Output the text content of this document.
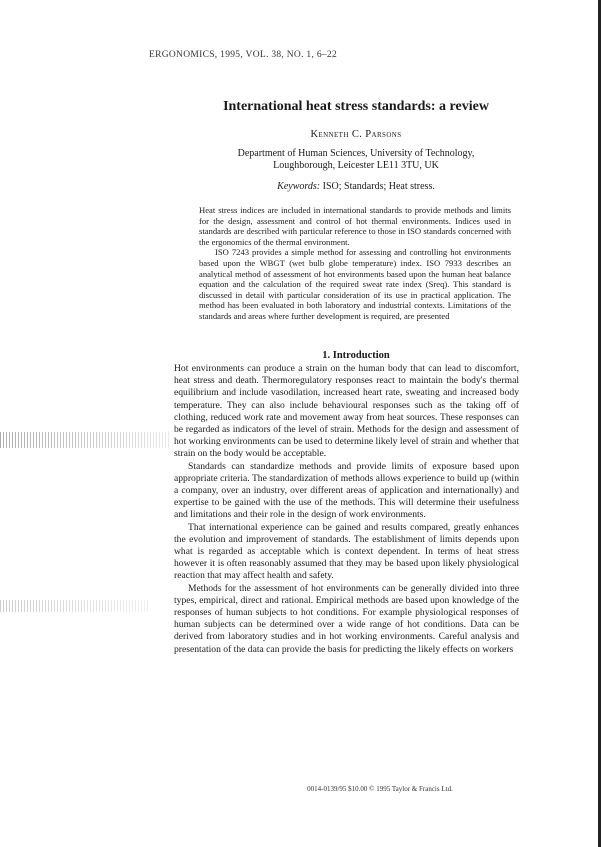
ERGONOMICS, 1995, VOL. 38, NO. 1, 6–22
International heat stress standards: a review
Kenneth C. Parsons
Department of Human Sciences, University of Technology,
Loughborough, Leicester LE11 3TU, UK
Keywords: ISO; Standards; Heat stress.

Heat stress indices are included in international standards to provide methods and limits for the design, assessment and control of hot thermal environments. Indices used in standards are described with particular reference to those in ISO standards concerned with the ergonomics of the thermal environment.

ISO 7243 provides a simple method for assessing and controlling hot environments based upon the WBGT (wet bulb globe temperature) index. ISO 7933 describes an analytical method of assessment of hot environments based upon the human heat balance equation and the calculation of the required sweat rate index (Sreq). This standard is discussed in detail with particular consideration of its use in practical application. The method has been evaluated in both laboratory and industrial contexts. Limitations of the standards and areas where further development is required, are presented

1. Introduction

Hot environments can produce a strain on the human body that can lead to discomfort, heat stress and death. Thermoregulatory responses react to maintain the body's thermal equilibrium and include vasodilation, increased heart rate, sweating and increased body temperature. They can also include behavioural responses such as the taking off of clothing, reduced work rate and movement away from heat sources. These responses can be regarded as indicators of the level of strain. Methods for the design and assessment of hot working environments can be used to determine likely level of strain and whether that strain on the body would be acceptable.

Standards can standardize methods and provide limits of exposure based upon appropriate criteria. The standardization of methods allows experience to build up (within a company, over an industry, over different areas of application and internationally) and expertise to be gained with the use of the methods. This will determine their usefulness and limitations and their role in the design of work environments.

That international experience can be gained and results compared, greatly enhances the evolution and improvement of standards. The establishment of limits depends upon what is regarded as acceptable which is context dependent. In terms of heat stress however it is often reasonably assumed that they may be based upon likely physiological reaction that may affect health and safety.

Methods for the assessment of hot environments can be generally divided into three types, empirical, direct and rational. Empirical methods are based upon knowledge of the responses of human subjects to hot conditions. For example physiological responses of human subjects can be determined over a wide range of hot conditions. Data can be derived from laboratory studies and in hot working environments. Careful analysis and presentation of the data can provide the basis for predicting the likely effects on workers

0014-0139/95 $10.00 © 1995 Taylor & Francis Ltd.
